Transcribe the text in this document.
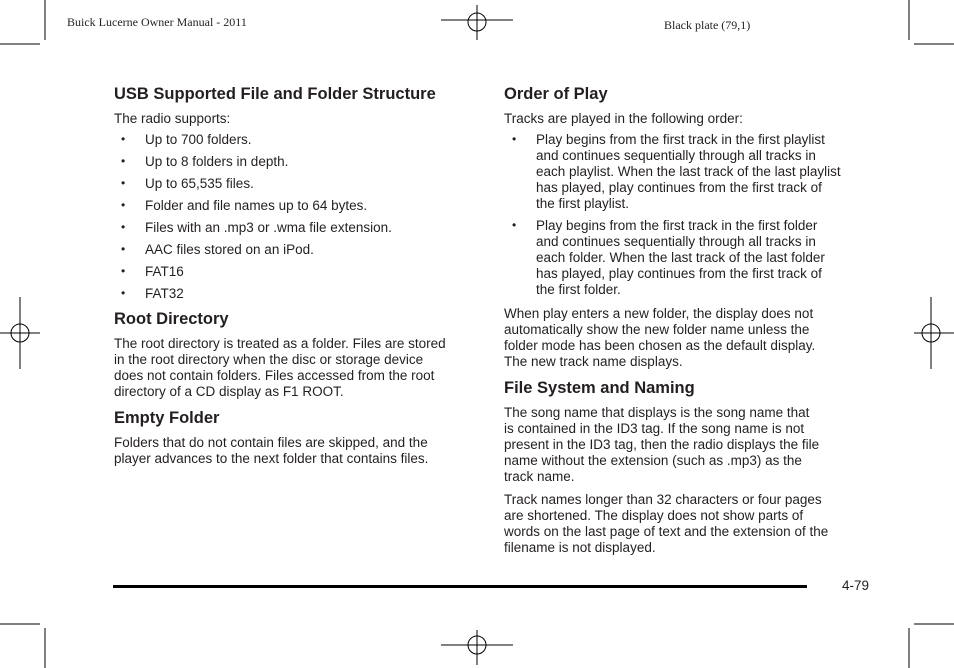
Buick Lucerne Owner Manual - 2011	Black plate (79,1)
USB Supported File and Folder Structure

The radio supports:

• Up to 700 folders.
• Up to 8 folders in depth.
• Up to 65,535 files.
• Folder and file names up to 64 bytes.
• Files with an .mp3 or .wma file extension.
• AAC files stored on an iPod.
• FAT16
• FAT32
Root Directory

The root directory is treated as a folder. Files are stored

in the root directory when the disc or storage device

does not contain folders. Files accessed from the root

directory of a CD display as F1 ROOT.

Empty Folder

Folders that do not contain files are skipped, and the

player advances to the next folder that contains files.

Order of Play

Tracks are played in the following order:

• Play begins from the first track in the first playlist
and continues sequentially through all tracks in
each playlist. When the last track of the last playlist
has played, play continues from the first track of
the first playlist.
• Play begins from the first track in the first folder
and continues sequentially through all tracks in
each folder. When the last track of the last folder
has played, play continues from the first track of
the first folder.

When play enters a new folder, the display does not

automatically show the new folder name unless the

folder mode has been chosen as the default display.

The new track name displays.

File System and Naming

The song name that displays is the song name that

is contained in the ID3 tag. If the song name is not

present in the ID3 tag, then the radio displays the file

name without the extension (such as .mp3) as the

track name.

Track names longer than 32 characters or four pages

are shortened. The display does not show parts of

words on the last page of text and the extension of the

filename is not displayed.

4-79
